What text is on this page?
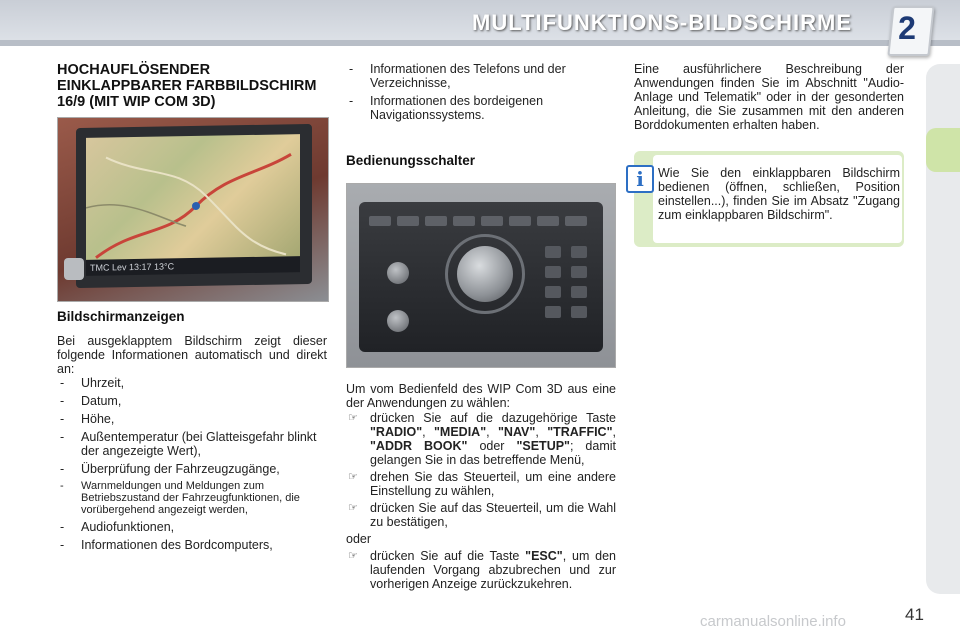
MULTIFUNKTIONS-BILDSCHIRME 2
HOCHAUFLÖSENDER EINKLAPPBARER FARBBILDSCHIRM 16/9 (MIT WIP COM 3D)
TMC Lev 13:17 13°C
Bildschirmanzeigen
Bei ausgeklapptem Bildschirm zeigt dieser folgende Informationen automatisch und direkt an:
- Uhrzeit,
- Datum,
- Höhe,
- Außentemperatur (bei Glatteisgefahr blinkt der angezeigte Wert),
- Überprüfung der Fahrzeugzugänge,
- Warnmeldungen und Meldungen zum Betriebszustand der Fahrzeugfunktionen, die vorübergehend angezeigt werden,
- Audiofunktionen,
- Informationen des Bordcomputers,
- Informationen des Telefons und der Verzeichnisse,
- Informationen des bordeigenen Navigationssystems.
Bedienungsschalter
Um vom Bedienfeld des WIP Com 3D aus eine der Anwendungen zu wählen:
☞ drücken Sie auf die dazugehörige Taste "RADIO", "MEDIA", "NAV", "TRAFFIC", "ADDR BOOK" oder "SETUP"; damit gelangen Sie in das betreffende Menü,
☞ drehen Sie das Steuerteil, um eine andere Einstellung zu wählen,
☞ drücken Sie auf das Steuerteil, um die Wahl zu bestätigen,
oder
☞ drücken Sie auf die Taste "ESC", um den laufenden Vorgang abzubrechen und zur vorherigen Anzeige zurückzukehren.
Eine ausführlichere Beschreibung der Anwendungen finden Sie im Abschnitt "Audio-Anlage und Telematik" oder in der gesonderten Anleitung, die Sie zusammen mit den anderen Borddokumenten erhalten haben.
i	Wie Sie den einklappbaren Bildschirm bedienen (öffnen, schließen, Position einstellen...), finden Sie im Absatz "Zugang zum einklappbaren Bildschirm".
carmanualsonline.info	41
